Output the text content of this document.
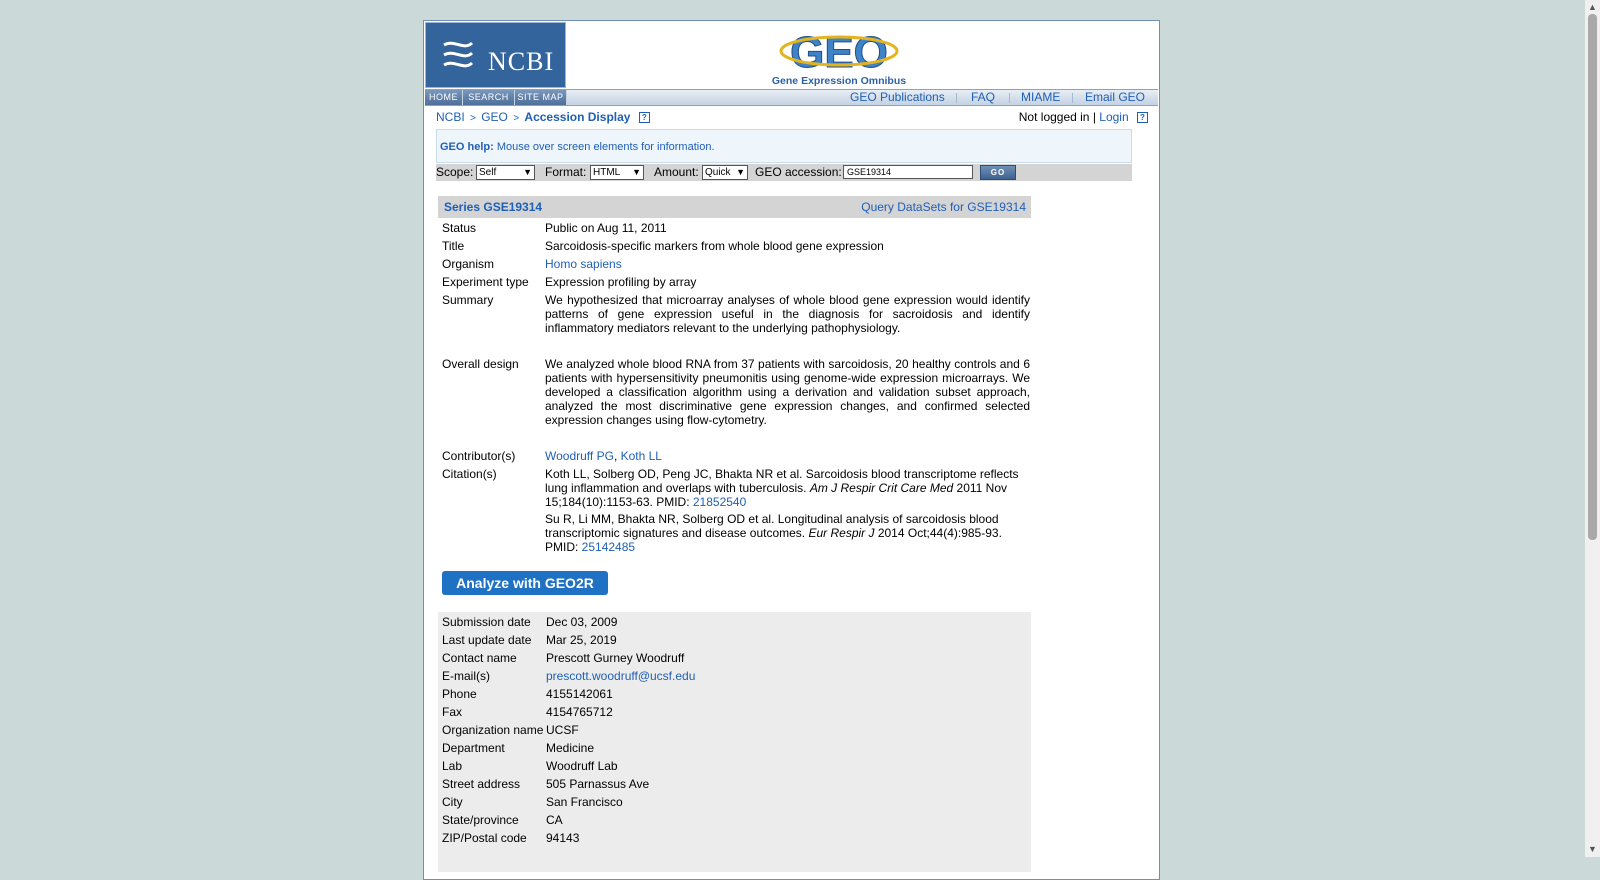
NCBI	GEO
Gene Expression Omnibus
HOME	SEARCH SITE MAP	GEO Publications FAQ MIAME Email GEO
NCBI > GEO > Accession Display ?	Not logged in | Login ?
GEO help: Mouse over screen elements for information.
Scope: Self	▼ Format: HTML ▼ Amount: Quick ▼ GEO accession: GSE19314	GO
Series GSE19314	Query DataSets for GSE19314
Status	Public on Aug 11, 2011
Title	Sarcoidosis-specific markers from whole blood gene expression
Organism	Homo sapiens
Experiment type	Expression profiling by array
Summary	We hypothesized that microarray analyses of whole blood gene expression would identify patterns of gene expression useful in the diagnosis for sacroidosis and identify inflammatory mediators relevant to the underlying pathophysiology.
Overall design	We analyzed whole blood RNA from 37 patients with sarcoidosis, 20 healthy controls and 6 patients with hypersensitivity pneumonitis using genome-wide expression microarrays. We developed a classification algorithm using a derivation and validation subset approach, analyzed the most discriminative gene expression changes, and confirmed selected expression changes using flow-cytometry.
Contributor(s)	Woodruff PG, Koth LL
Citation(s)	Koth LL, Solberg OD, Peng JC, Bhakta NR et al. Sarcoidosis blood transcriptome reflects lung inflammation and overlaps with tuberculosis. Am J Respir Crit Care Med 2011 Nov 15;184(10):1153-63. PMID: 21852540
Su R, Li MM, Bhakta NR, Solberg OD et al. Longitudinal analysis of sarcoidosis blood transcriptomic signatures and disease outcomes. Eur Respir J 2014 Oct;44(4):985-93. PMID: 25142485
Analyze with GEO2R
Submission date	Dec 03, 2009
Last update date	Mar 25, 2019
Contact name	Prescott Gurney Woodruff
E-mail(s)	prescott.woodruff@ucsf.edu
Phone	4155142061
Fax	4154765712
Organization name UCSF
Department	Medicine
Lab	Woodruff Lab
Street address	505 Parnassus Ave
City	San Francisco
State/province	CA
ZIP/Postal code	94143
▲
▼
